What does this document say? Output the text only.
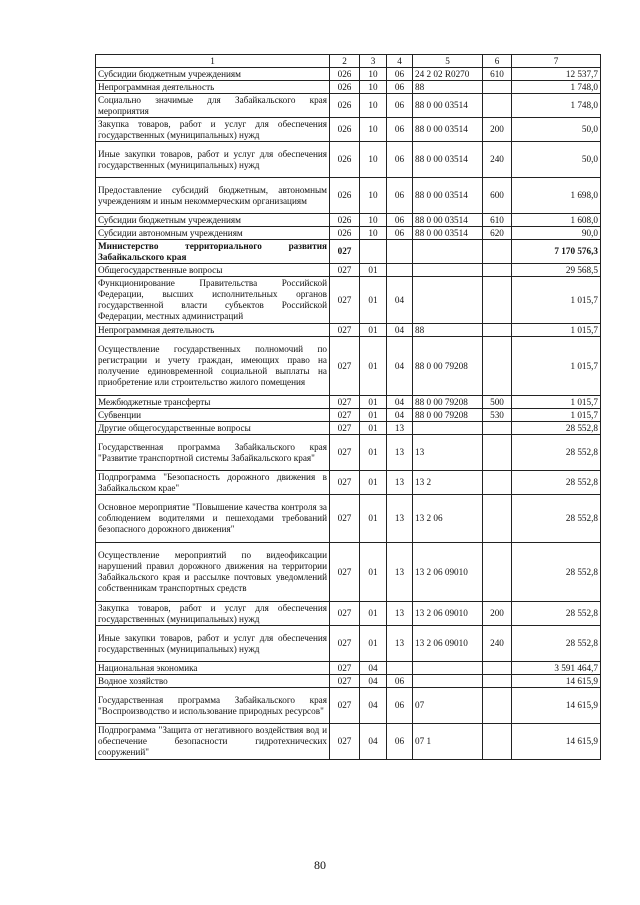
1	2	3	4	5	6	7
Субсидии бюджетным учреждениям	026	10	06	24 2 02 R0270	610	12 537,7
Непрограммная деятельность	026	10	06	88		1 748,0
Социально значимые для Забайкальского края мероприятия	026	10	06	88 0 00 03514		1 748,0
Закупка товаров, работ и услуг для обеспечения государственных (муниципальных) нужд	026	10	06	88 0 00 03514	200	50,0
Иные закупки товаров, работ и услуг для обеспечения государственных (муниципальных) нужд	026	10	06	88 0 00 03514	240	50,0
Предоставление субсидий бюджетным, автономным учреждениям и иным некоммерческим организациям	026	10	06	88 0 00 03514	600	1 698,0
Субсидии бюджетным учреждениям	026	10	06	88 0 00 03514	610	1 608,0
Субсидии автономным учреждениям	026	10	06	88 0 00 03514	620	90,0
Министерство территориального развития Забайкальского края	027					7 170 576,3
Общегосударственные вопросы	027	01				29 568,5
Функционирование Правительства Российской Федерации, высших исполнительных органов государственной власти субъектов Российской Федерации, местных администраций	027	01	04			1 015,7
Непрограммная деятельность	027	01	04	88		1 015,7
Осуществление государственных полномочий по регистрации и учету граждан, имеющих право на получение единовременной социальной выплаты на приобретение или строительство жилого помещения	027	01	04	88 0 00 79208		1 015,7
Межбюджетные трансферты	027	01	04	88 0 00 79208	500	1 015,7
Субвенции	027	01	04	88 0 00 79208	530	1 015,7
Другие общегосударственные вопросы	027	01	13			28 552,8
Государственная программа Забайкальского края "Развитие транспортной системы Забайкальского края"	027	01	13	13		28 552,8
Подпрограмма "Безопасность дорожного движения в Забайкальском крае"	027	01	13	13 2		28 552,8
Основное мероприятие "Повышение качества контроля за соблюдением водителями и пешеходами требований безопасного дорожного движения"	027	01	13	13 2 06		28 552,8
Осуществление мероприятий по видеофиксации нарушений правил дорожного движения на территории Забайкальского края и рассылке почтовых уведомлений собственникам транспортных средств	027	01	13	13 2 06 09010		28 552,8
Закупка товаров, работ и услуг для обеспечения государственных (муниципальных) нужд	027	01	13	13 2 06 09010	200	28 552,8
Иные закупки товаров, работ и услуг для обеспечения государственных (муниципальных) нужд	027	01	13	13 2 06 09010	240	28 552,8
Национальная экономика	027	04				3 591 464,7
Водное хозяйство	027	04	06			14 615,9
Государственная программа Забайкальского края "Воспроизводство и использование природных ресурсов"	027	04	06	07		14 615,9
Подпрограмма "Защита от негативного воздействия вод и обеспечение безопасности гидротехнических сооружений"	027	04	06	07 1		14 615,9
80
